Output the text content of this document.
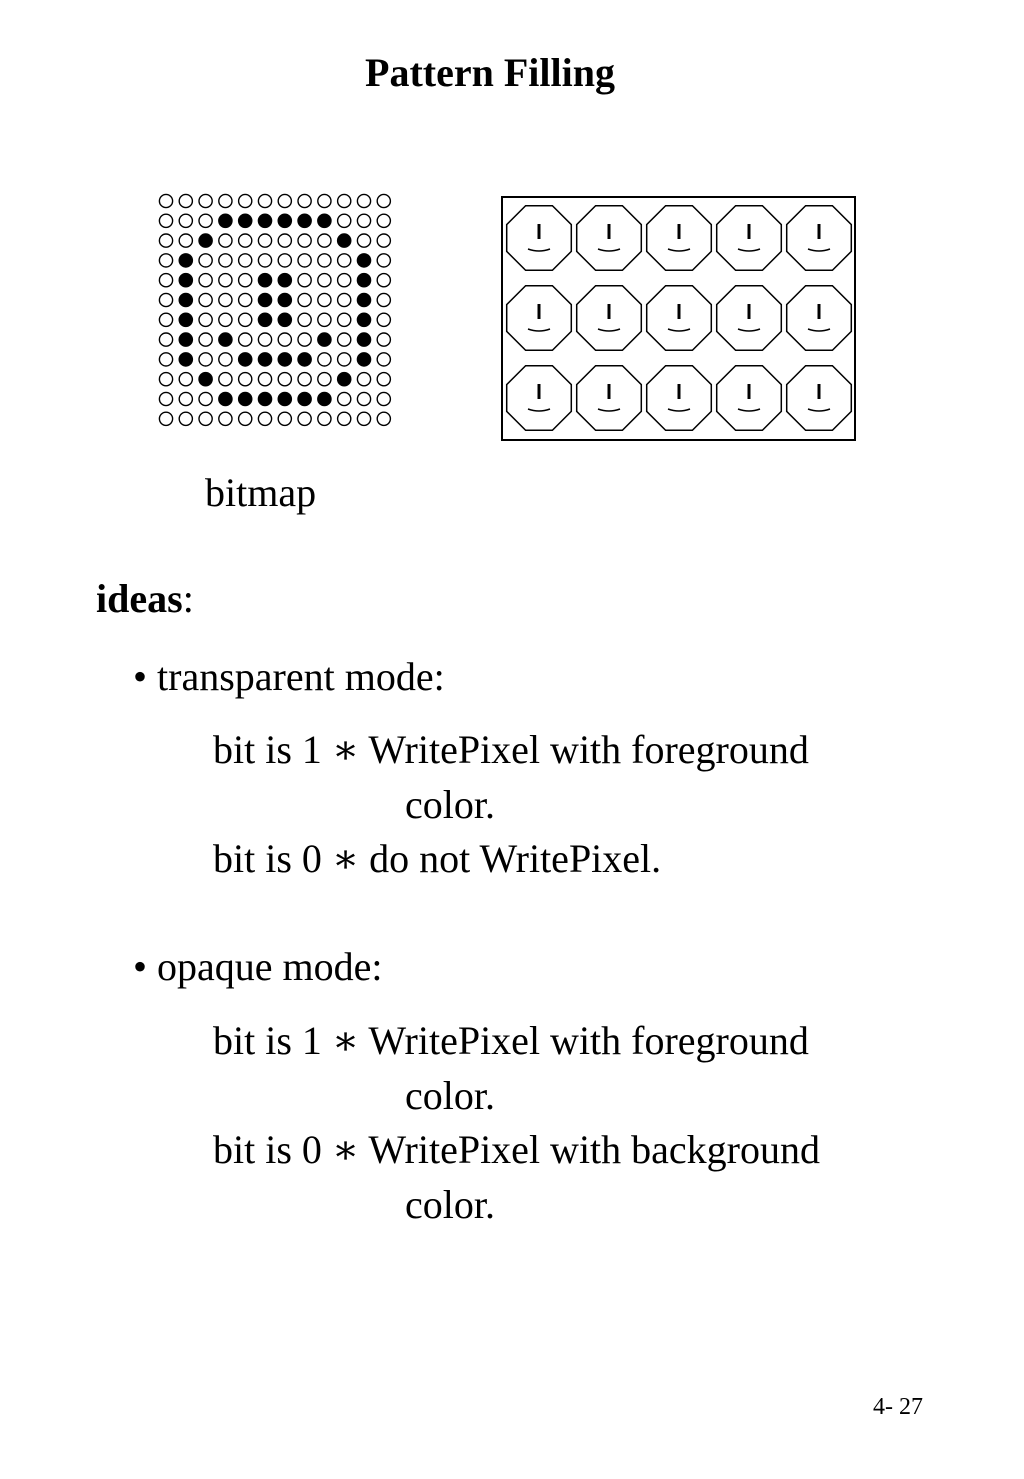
Pattern Filling
bitmap
ideas:
• transparent mode:
bit is 1 ∗ WritePixel with foreground
color.
bit is 0 ∗ do not WritePixel.
• opaque mode:
bit is 1 ∗ WritePixel with foreground
color.
bit is 0 ∗ WritePixel with background
color.
4- 27
